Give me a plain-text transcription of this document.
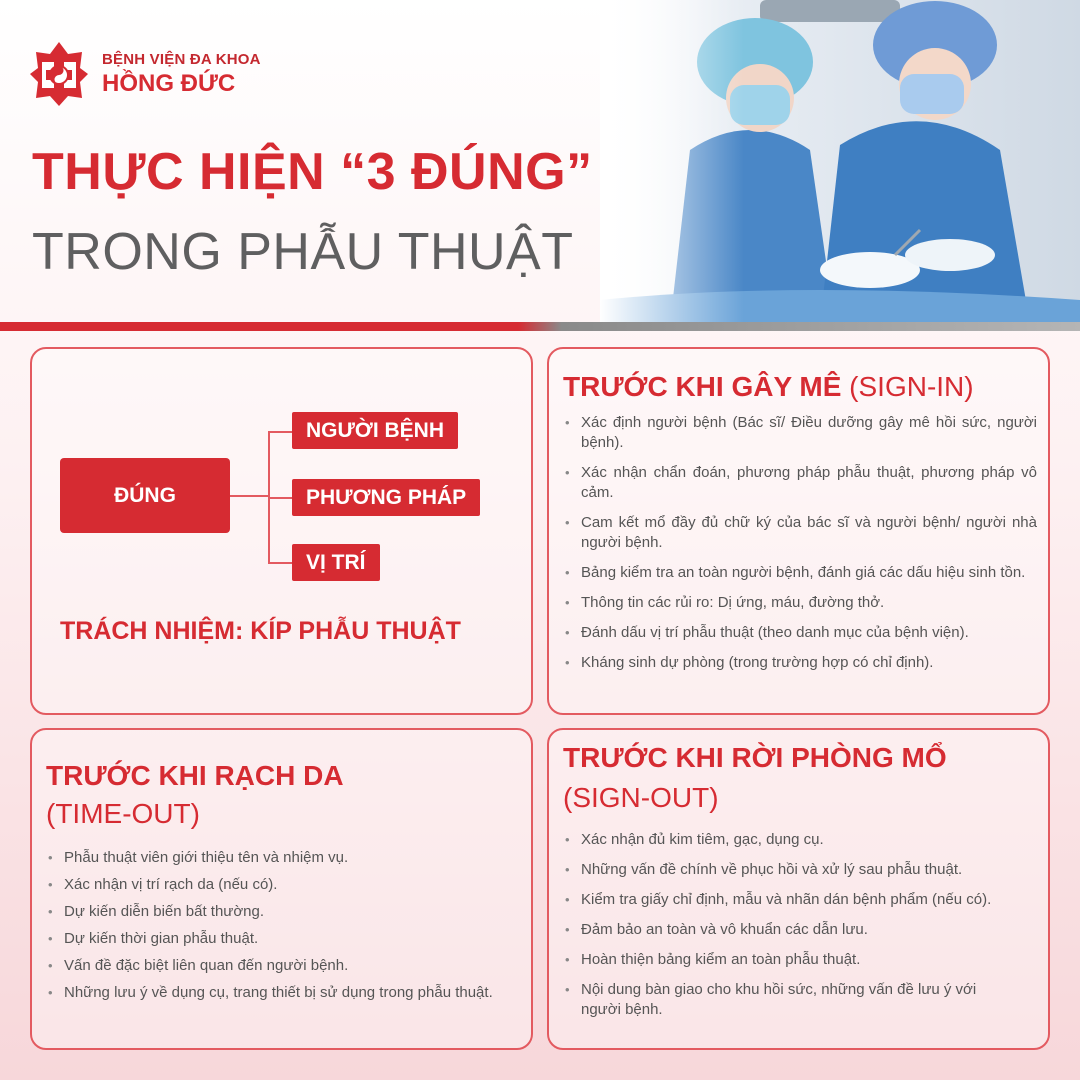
BỆNH VIỆN ĐA KHOA
HỒNG ĐỨC
THỰC HIỆN “3 ĐÚNG”
TRONG PHẪU THUẬT
ĐÚNG
NGƯỜI BỆNH
PHƯƠNG PHÁP
VỊ TRÍ
TRÁCH NHIỆM: KÍP PHẪU THUẬT
TRƯỚC KHI GÂY MÊ (SIGN-IN)
• Xác định người bệnh (Bác sĩ/ Điều dưỡng gây mê hồi sức, người bệnh).
• Xác nhận chẩn đoán, phương pháp phẫu thuật, phương pháp vô cảm.
• Cam kết mổ đầy đủ chữ ký của bác sĩ và người bệnh/ người nhà người bệnh.
• Bảng kiểm tra an toàn người bệnh, đánh giá các dấu hiệu sinh tồn.
• Thông tin các rủi ro: Dị ứng, máu, đường thở.
• Đánh dấu vị trí phẫu thuật (theo danh mục của bệnh viện).
• Kháng sinh dự phòng (trong trường hợp có chỉ định).
TRƯỚC KHI RẠCH DA
(TIME-OUT)
• Phẫu thuật viên giới thiệu tên và nhiệm vụ.
• Xác nhận vị trí rạch da (nếu có).
• Dự kiến diễn biến bất thường.
• Dự kiến thời gian phẫu thuật.
• Vấn đề đặc biệt liên quan đến người bệnh.
• Những lưu ý về dụng cụ, trang thiết bị sử dụng trong phẫu thuật.
TRƯỚC KHI RỜI PHÒNG MỔ
(SIGN-OUT)
• Xác nhận đủ kim tiêm, gạc, dụng cụ.
• Những vấn đề chính về phục hồi và xử lý sau phẫu thuật.
• Kiểm tra giấy chỉ định, mẫu và nhãn dán bệnh phẩm (nếu có).
• Đảm bảo an toàn và vô khuẩn các dẫn lưu.
• Hoàn thiện bảng kiểm an toàn phẫu thuật.
• Nội dung bàn giao cho khu hồi sức, những vấn đề lưu ý với người bệnh.
